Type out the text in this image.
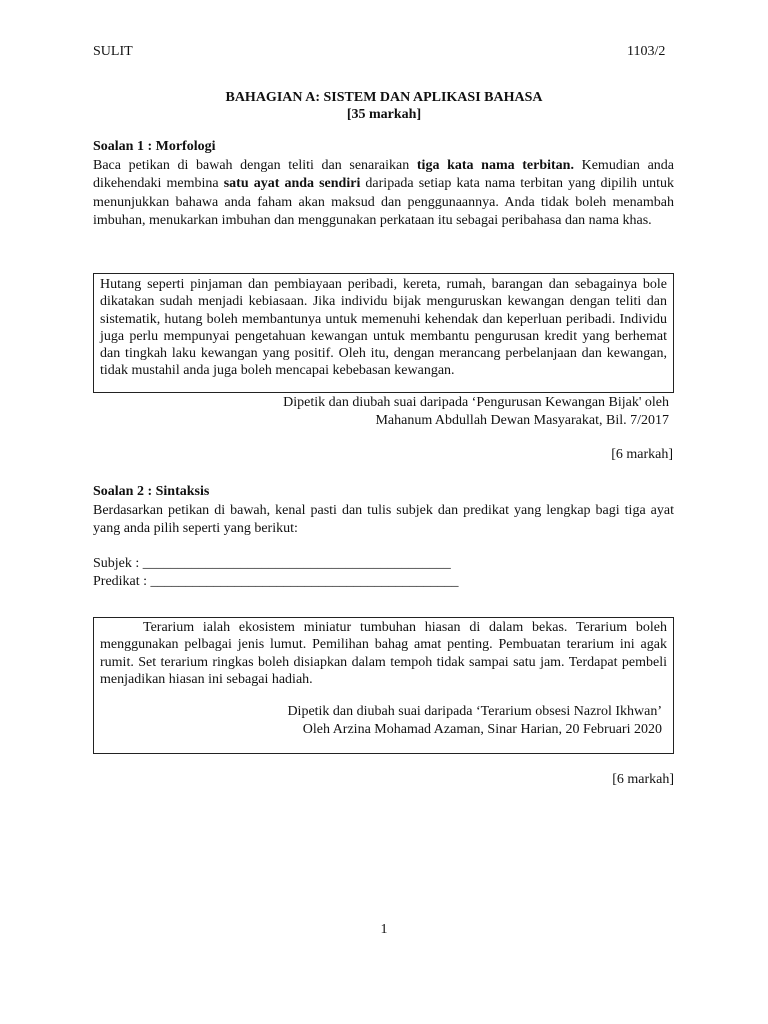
SULIT	1103/2
BAHAGIAN A: SISTEM DAN APLIKASI BAHASA
[35 markah]
Soalan 1 : Morfologi
Baca petikan di bawah dengan teliti dan senaraikan tiga kata nama terbitan. Kemudian anda dikehendaki membina satu ayat anda sendiri daripada setiap kata nama terbitan yang dipilih untuk menunjukkan bahawa anda faham akan maksud dan penggunaannya. Anda tidak boleh menambah imbuhan, menukarkan imbuhan dan menggunakan perkataan itu sebagai peribahasa dan nama khas.
Hutang seperti pinjaman dan pembiayaan peribadi, kereta, rumah, barangan dan sebagainya bole dikatakan sudah menjadi kebiasaan. Jika individu bijak menguruskan kewangan dengan teliti dan sistematik, hutang boleh membantunya untuk memenuhi kehendak dan keperluan peribadi. Individu juga perlu mempunyai pengetahuan kewangan untuk membantu pengurusan kredit yang berhemat dan tingkah laku kewangan yang positif. Oleh itu, dengan merancang perbelanjaan dan kewangan, tidak mustahil anda juga boleh mencapai kebebasan kewangan.
Dipetik dan diubah suai daripada ‘Pengurusan Kewangan Bijak' oleh
Mahanum Abdullah Dewan Masyarakat, Bil. 7/2017
[6 markah]
Soalan 2 : Sintaksis
Berdasarkan petikan di bawah, kenal pasti dan tulis subjek dan predikat yang lengkap bagi tiga ayat yang anda pilih seperti yang berikut:
Subjek : ____________________________________________
Predikat : ____________________________________________
Terarium ialah ekosistem miniatur tumbuhan hiasan di dalam bekas. Terarium boleh menggunakan pelbagai jenis lumut. Pemilihan bahag amat penting. Pembuatan terarium ini agak rumit. Set terarium ringkas boleh disiapkan dalam tempoh tidak sampai satu jam. Terdapat pembeli menjadikan hiasan ini sebagai hadiah.
Dipetik dan diubah suai daripada ‘Terarium obsesi Nazrol Ikhwan’
Oleh Arzina Mohamad Azaman, Sinar Harian, 20 Februari 2020
[6 markah]
1
